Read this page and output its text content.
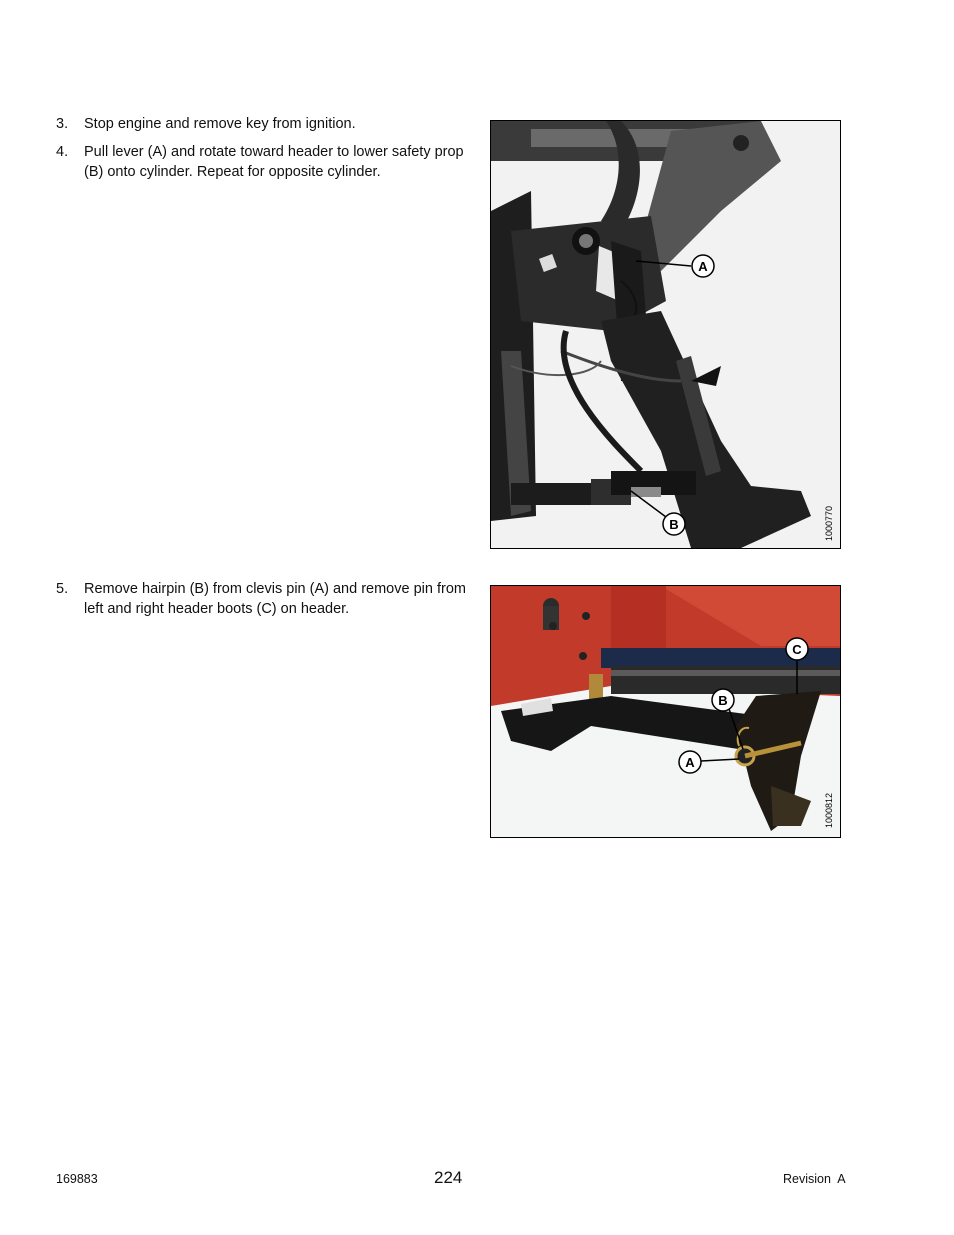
3. Stop engine and remove key from ignition.
4. Pull lever (A) and rotate toward header to lower safety prop (B) onto cylinder. Repeat for opposite cylinder.
5. Remove hairpin (B) from clevis pin (A) and remove pin from left and right header boots (C) on header.
A
B	1000770
A
B
C
1000812
169883	224	Revision  A
